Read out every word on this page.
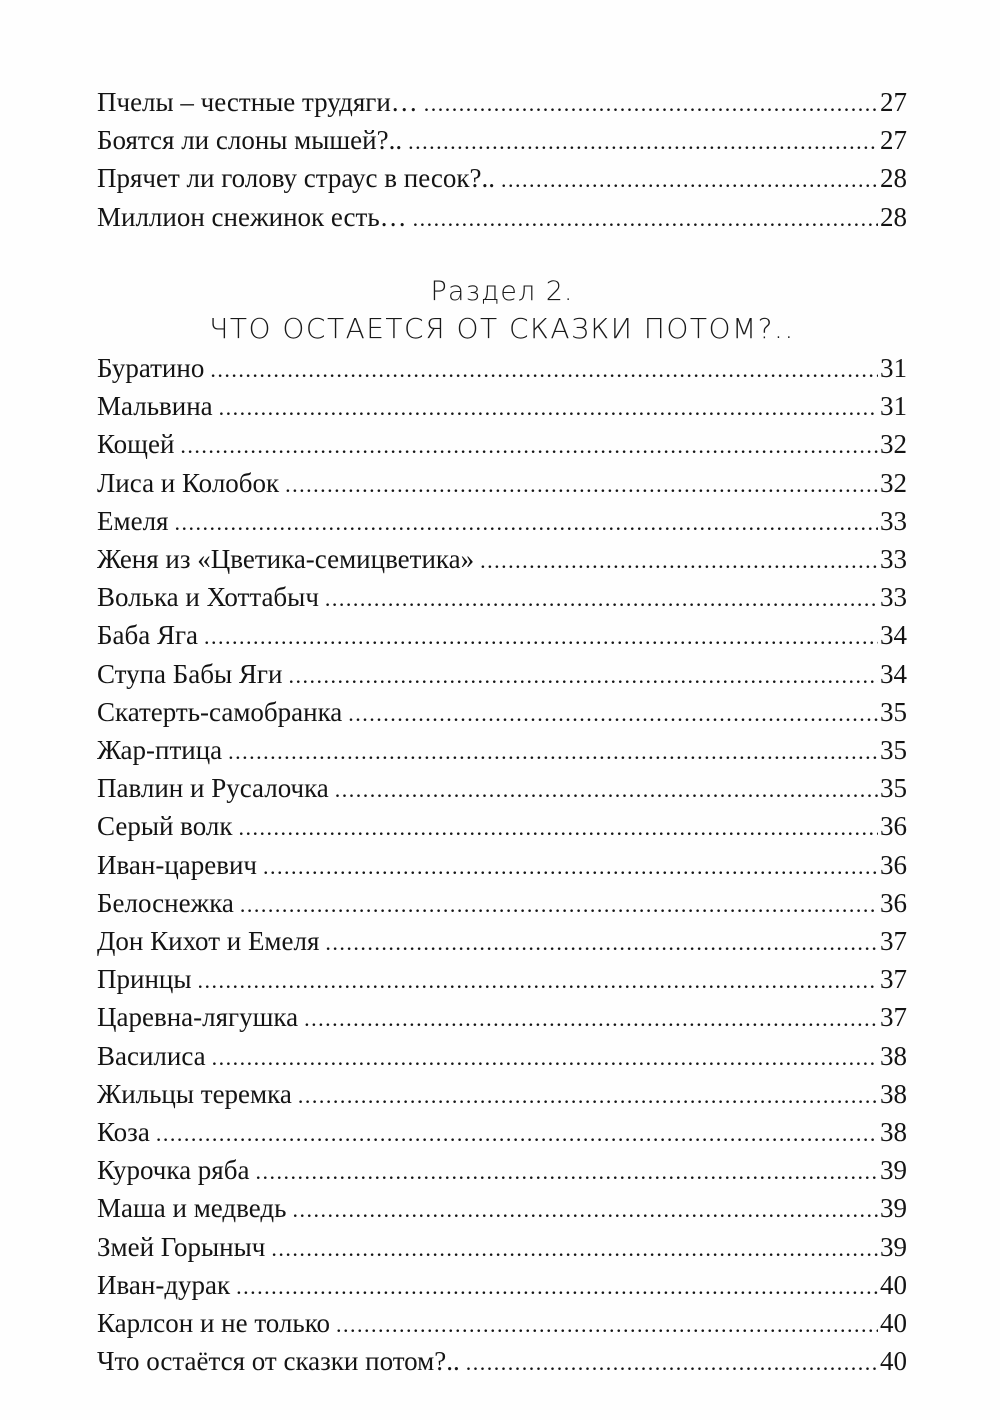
Пчелы – честные трудяги… .....	27
Боятся ли слоны мышей?.. .....	27
Прячет ли голову страус в песок?.. .....	28
Миллион снежинок есть… .....	28
Раздел 2.
ЧТО ОСТАЕТСЯ ОТ СКАЗКИ ПОТОМ?..
Буратино .....	31
Мальвина .....	31
Кощей .....	32
Лиса и Колобок .....	32
Емеля .....	33
Женя из «Цветика-семицветика» .....	33
Волька и Хоттабыч .....	33
Баба Яга .....	34
Ступа Бабы Яги .....	34
Скатерть-самобранка .....	35
Жар-птица .....	35
Павлин и Русалочка .....	35
Серый волк .....	36
Иван-царевич .....	36
Белоснежка .....	36
Дон Кихот и Емеля .....	37
Принцы .....	37
Царевна-лягушка .....	37
Василиса .....	38
Жильцы теремка .....	38
Коза .....	38
Курочка ряба .....	39
Маша и медведь .....	39
Змей Горыныч .....	39
Иван-дурак .....	40
Карлсон и не только .....	40
Что остаётся от сказки потом?.. .....	40
